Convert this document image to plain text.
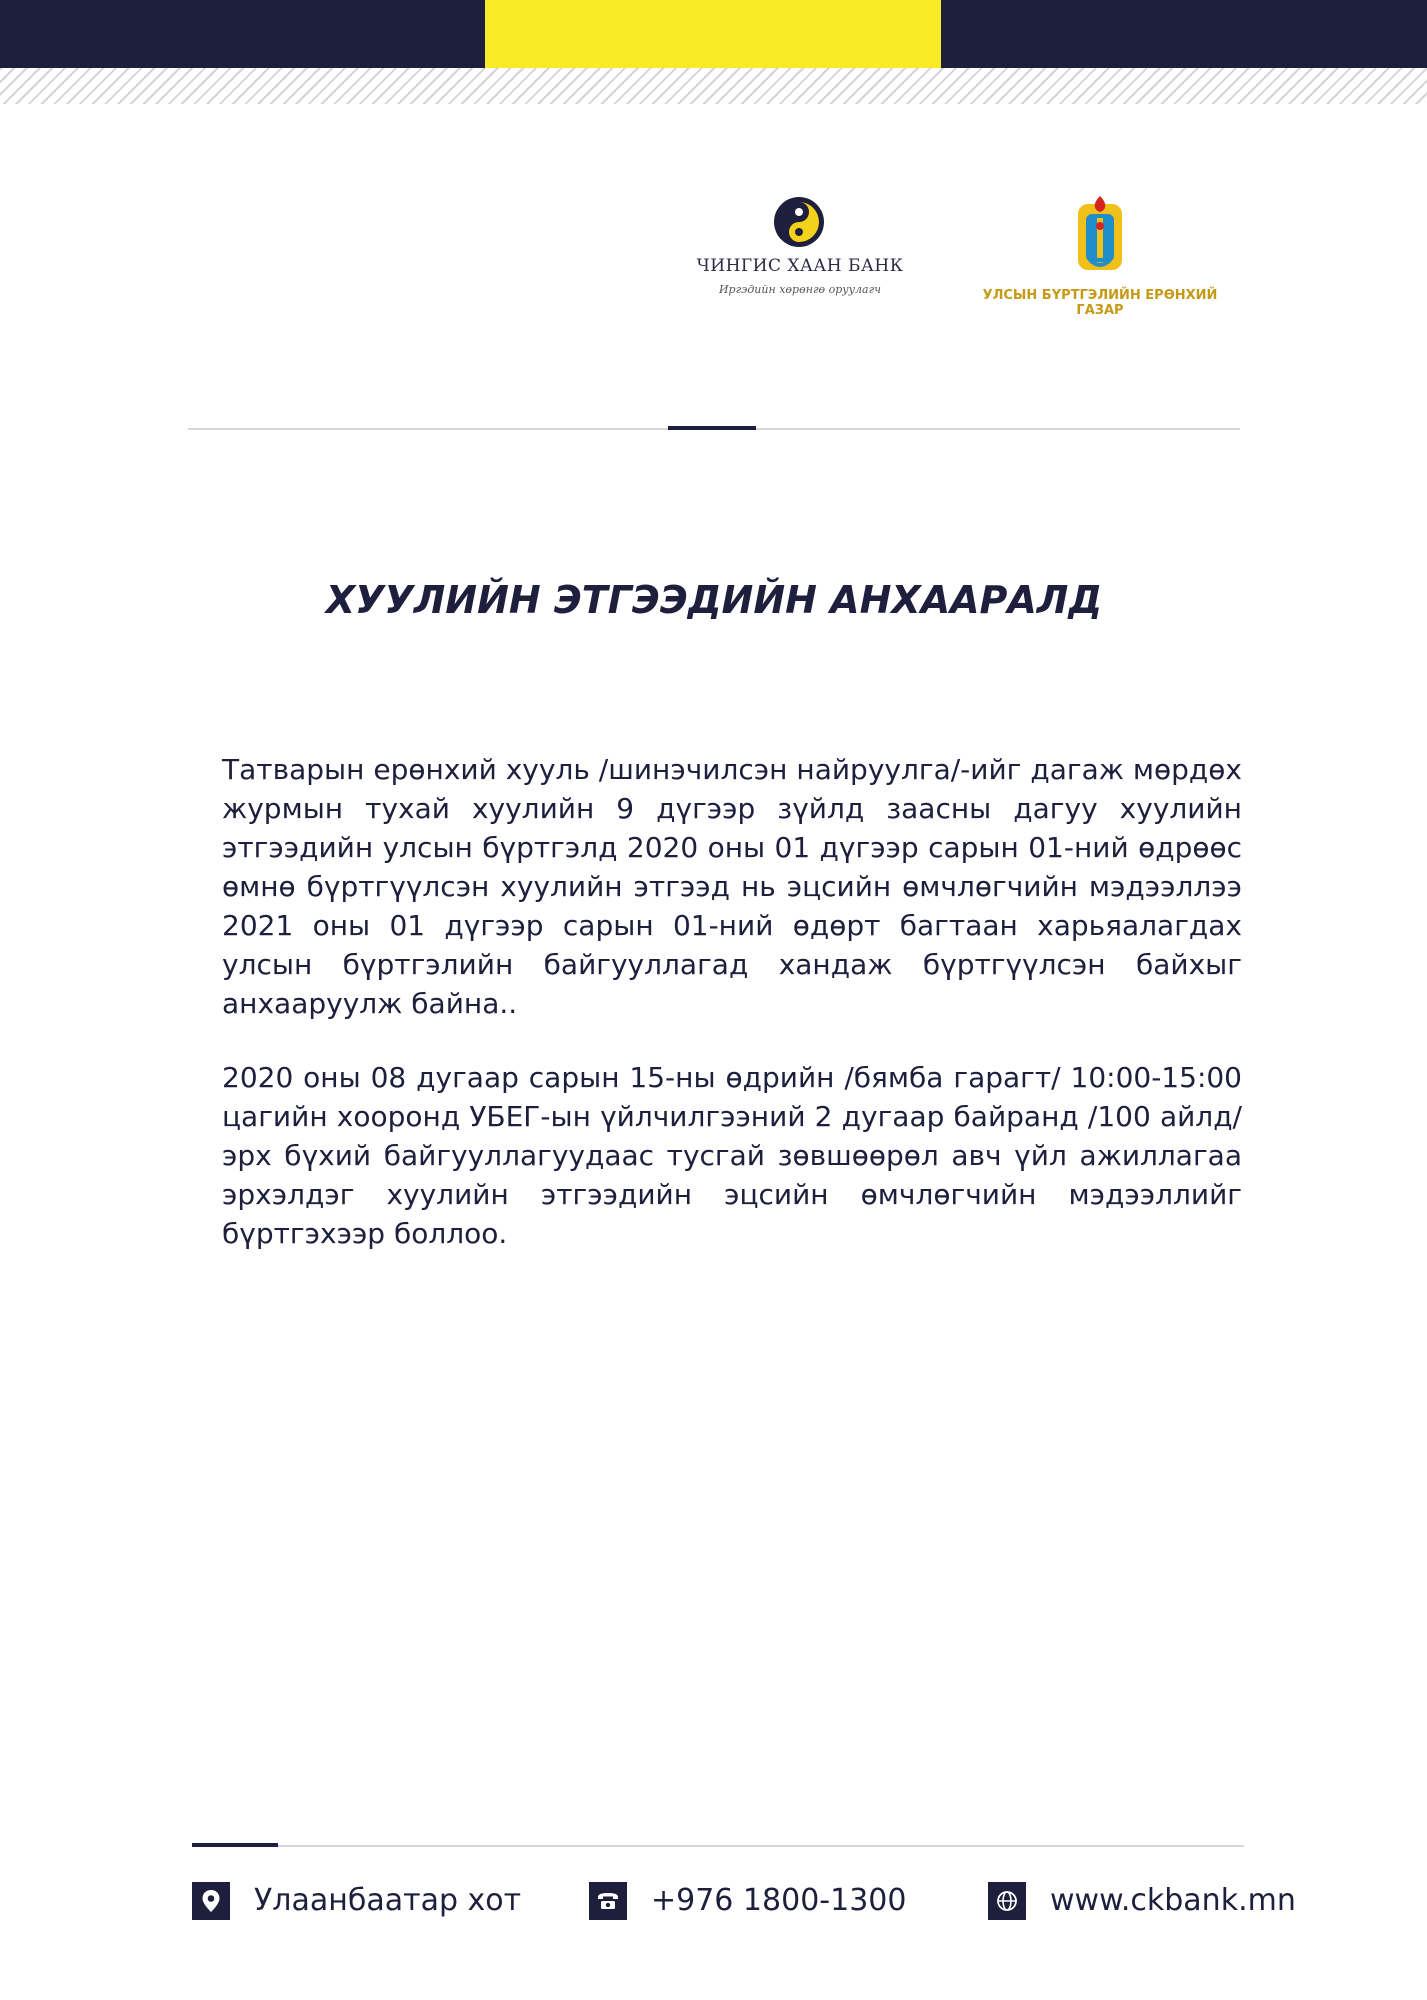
ЧИНГИС ХААН БАНК
Иргэдийн хөрөнгө оруулагч	УЛСЫН БҮРТГЭЛИЙН ЕРӨНХИЙ ГАЗАР
ХУУЛИЙН ЭТГЭЭДИЙН АНХААРАЛД

Татварын ерөнхий хууль /шинэчилсэн найруулга/-ийг дагаж мөрдөх журмын тухай хуулийн 9 дүгээр зүйлд заасны дагуу хуулийн этгээдийн улсын бүртгэлд 2020 оны 01 дүгээр сарын 01-ний өдрөөс өмнө бүртгүүлсэн хуулийн этгээд нь эцсийн өмчлөгчийн мэдээллээ 2021 оны 01 дүгээр сарын 01-ний өдөрт багтаан харьяалагдах улсын бүртгэлийн байгууллагад хандаж бүртгүүлсэн байхыг анхааруулж байна..

2020 оны 08 дугаар сарын 15-ны өдрийн /бямба гарагт/ 10:00-15:00 цагийн хооронд УБЕГ-ын үйлчилгээний 2 дугаар байранд /100 айлд/ эрх бүхий байгууллагуудаас тусгай зөвшөөрөл авч үйл ажиллагаа эрхэлдэг хуулийн этгээдийн эцсийн өмчлөгчийн мэдээллийг бүртгэхээр боллоо.

Улаанбаатар хот	+976 1800-1300	www.ckbank.mn
